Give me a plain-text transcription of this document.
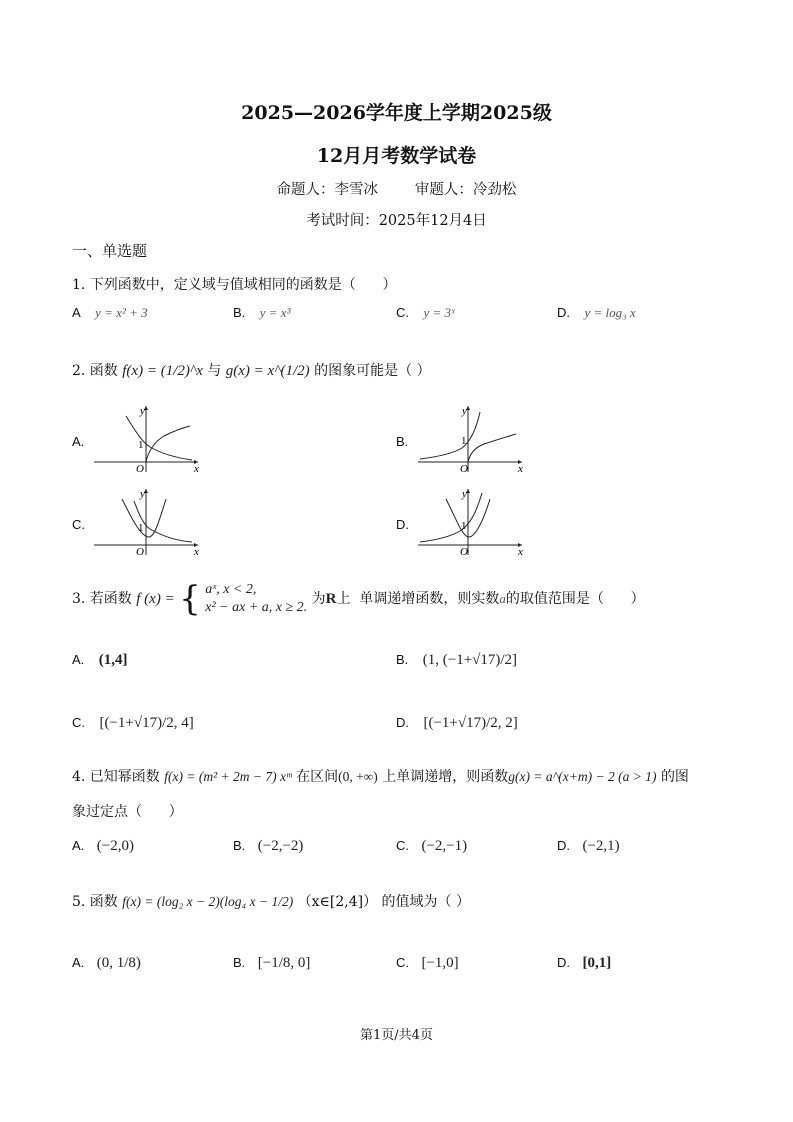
2025—2026学年度上学期2025级
12月月考数学试卷
命题人：李雪冰        审题人：冷劲松
考试时间：2025年12月4日
一、单选题
1. 下列函数中，定义域与值域相同的函数是（      ）
A y = x² + 3	B. y = x³	C. y = 3ˣ	D. y = log₃ x
2. 函数 f(x) = (1/2)^x 与 g(x) = x^(1/2) 的图象可能是（ ）
A.	B.
C.	D.
y
x
O
1
y
x
O
1
y
x
O
1
y
x
O
1
3. 若函数 f (x) = { aˣ, x < 2,
x² − ax + a, x ≥ 2.
为R上  单调递增函数，则实数a的取值范围是（      ）
A. (1,4]	B. (1, (−1+√17)/2]
C. [(−1+√17)/2, 4]	D. [(−1+√17)/2, 2]
4. 已知幂函数 f(x) = (m² + 2m − 7) xᵐ 在区间(0, +∞) 上单调递增，则函数g(x) = a^(x+m) − 2 (a > 1) 的图
象过定点（      ）
A. (−2,0)	B. (−2,−2)	C. (−2,−1)	D. (−2,1)
5. 函数 f(x) = (log₂ x − 2)(log₄ x − 1/2) （x∈[2,4]） 的值域为（ ）
A. (0, 1/8)	B. [−1/8, 0]	C. [−1,0]	D. [0,1]
第1页/共4页
